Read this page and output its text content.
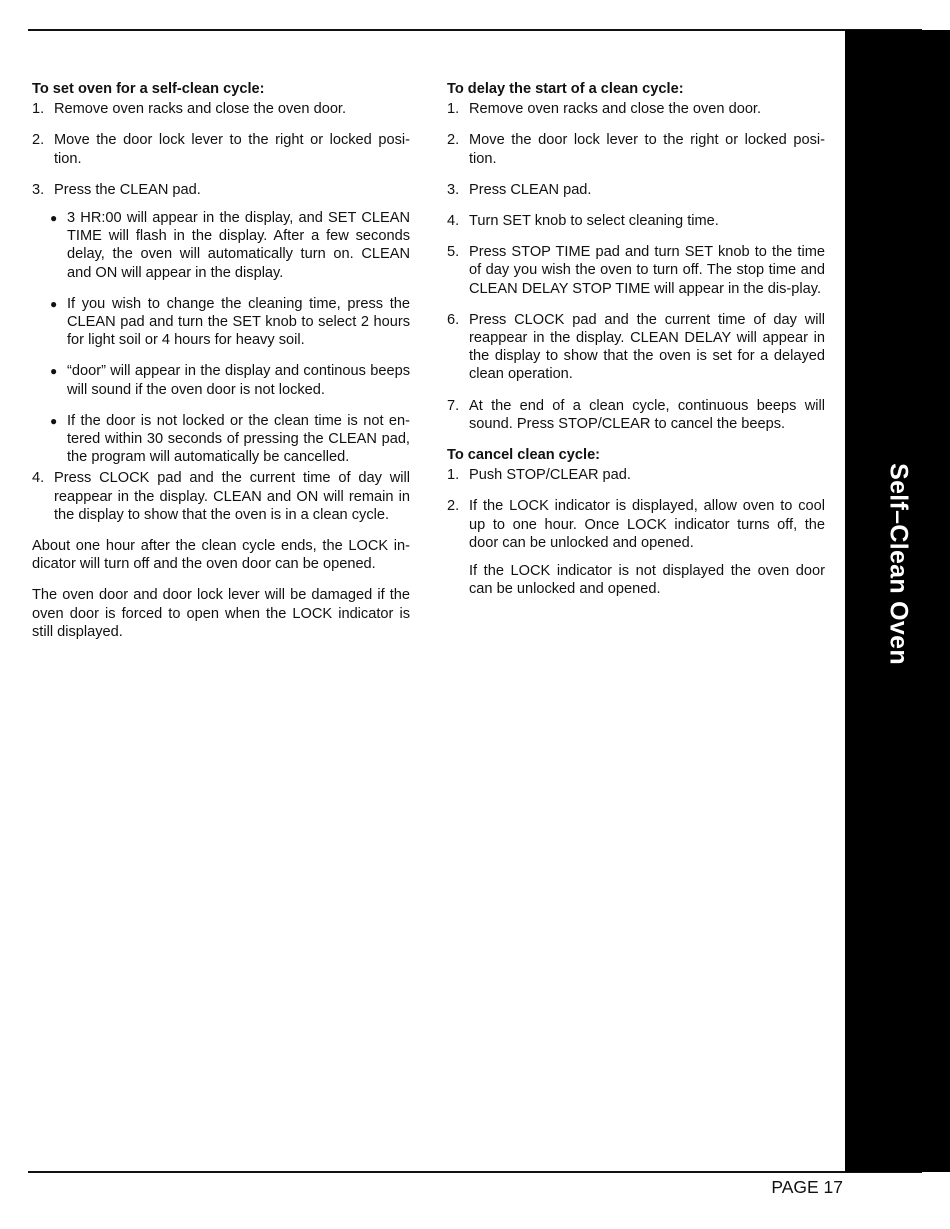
Self–Clean Oven
To set oven for a self-clean cycle:
1. Remove oven racks and close the oven door.
2. Move the door lock lever to the right or locked posi-tion.
3. Press the CLEAN pad.
● 3 HR:00 will appear in the display, and SET CLEAN TIME will flash in the display. After a few seconds delay, the oven will automatically turn on. CLEAN and ON will appear in the display.
● If you wish to change the cleaning time, press the CLEAN pad and turn the SET knob to select 2 hours for light soil or 4 hours for heavy soil.
● “door” will appear in the display and continous beeps will sound if the oven door is not locked.
● If the door is not locked or the clean time is not en-tered within 30 seconds of pressing the CLEAN pad, the program will automatically be cancelled.
4. Press CLOCK pad and the current time of day will reappear in the display. CLEAN and ON will remain in the display to show that the oven is in a clean cycle.

About one hour after the clean cycle ends, the LOCK in-dicator will turn off and the oven door can be opened.

The oven door and door lock lever will be damaged if the oven door is forced to open when the LOCK indicator is still displayed.

To delay the start of a clean cycle:
1. Remove oven racks and close the oven door.
2. Move the door lock lever to the right or locked posi-tion.
3. Press CLEAN pad.
4. Turn SET knob to select cleaning time.
5. Press STOP TIME pad and turn SET knob to the time of day you wish the oven to turn off. The stop time and CLEAN DELAY STOP TIME will appear in the dis-play.
6. Press CLOCK pad and the current time of day will reappear in the display. CLEAN DELAY will appear in the display to show that the oven is set for a delayed clean operation.
7. At the end of a clean cycle, continuous beeps will sound. Press STOP/CLEAR to cancel the beeps.
To cancel clean cycle:
1. Push STOP/CLEAR pad.
2. If the LOCK indicator is displayed, allow oven to cool up to one hour. Once LOCK indicator turns off, the door can be unlocked and opened.

If the LOCK indicator is not displayed the oven door can be unlocked and opened.

PAGE 17
